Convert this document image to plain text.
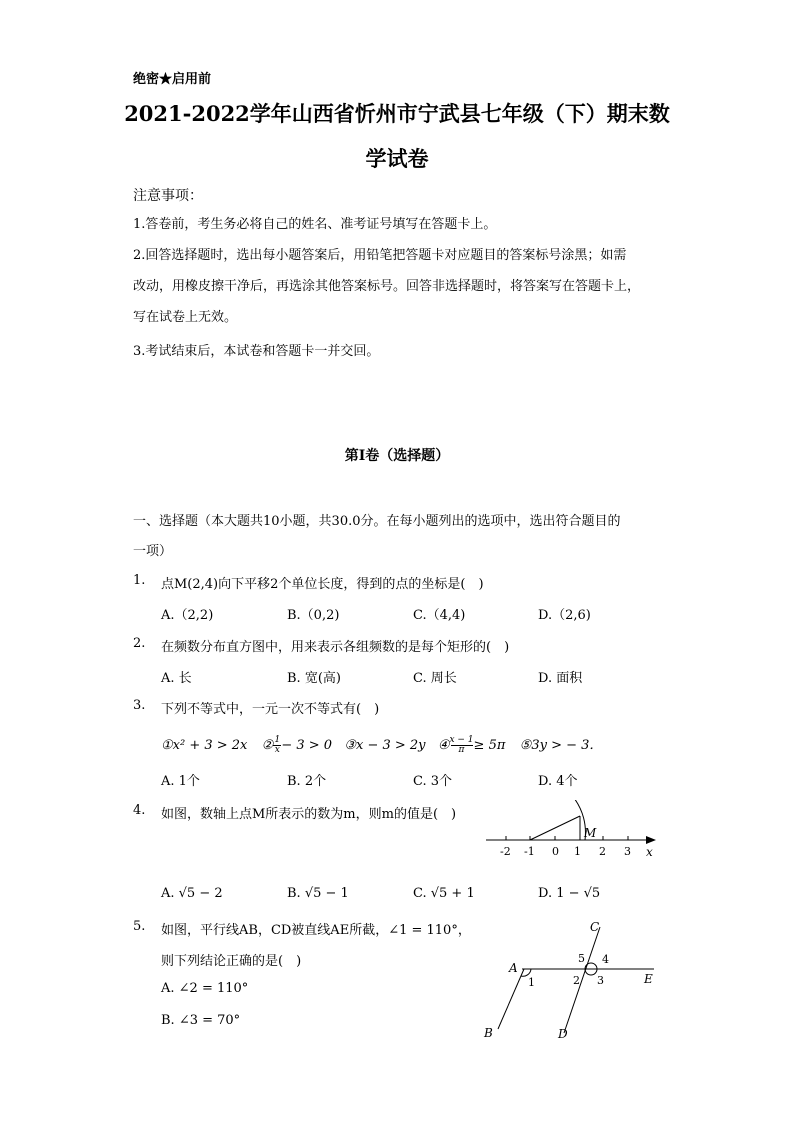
绝密★启用前
2021-2022学年山西省忻州市宁武县七年级（下）期末数
学试卷
注意事项：
1.答卷前，考生务必将自己的姓名、准考证号填写在答题卡上。
2.回答选择题时，选出每小题答案后，用铅笔把答题卡对应题目的答案标号涂黑；如需
改动，用橡皮擦干净后，再选涂其他答案标号。回答非选择题时，将答案写在答题卡上，
写在试卷上无效。
3.考试结束后，本试卷和答题卡一并交回。
第Ⅰ卷（选择题）
一、选择题（本大题共10小题，共30.0分。在每小题列出的选项中，选出符合题目的
一项）
1. 点M(2,4)向下平移2个单位长度，得到的点的坐标是(　)
A.（2,2)	B.（0,2)	C.（4,4)	D.（2,6)
2. 在频数分布直方图中，用来表示各组频数的是每个矩形的(　)
A. 长	B. 宽(高)	C. 周长	D. 面积
3. 下列不等式中，一元一次不等式有(　)
①x² + 3 > 2x ② $\frac{1}{x} - 3 > 0$ ③x − 3 > 2y ④ $\frac{x - 1}{\pi} \ge 5\pi$ ⑤3y > − 3．
A. 1个	B. 2个	C. 3个	D. 4个
4. 如图，数轴上点M所表示的数为m，则m的值是(　)
-2 -1 0 1 2 3
M
x
A. √5 − 2	B. √5 − 1	C. √5 + 1	D. 1 − √5
5. 如图，平行线AB，CD被直线AE所截，∠1 = 110°，
则下列结论正确的是(　)
A. ∠2 = 110°
B. ∠3 = 70°
A
B
C
D
E
1	2 3
4
5
